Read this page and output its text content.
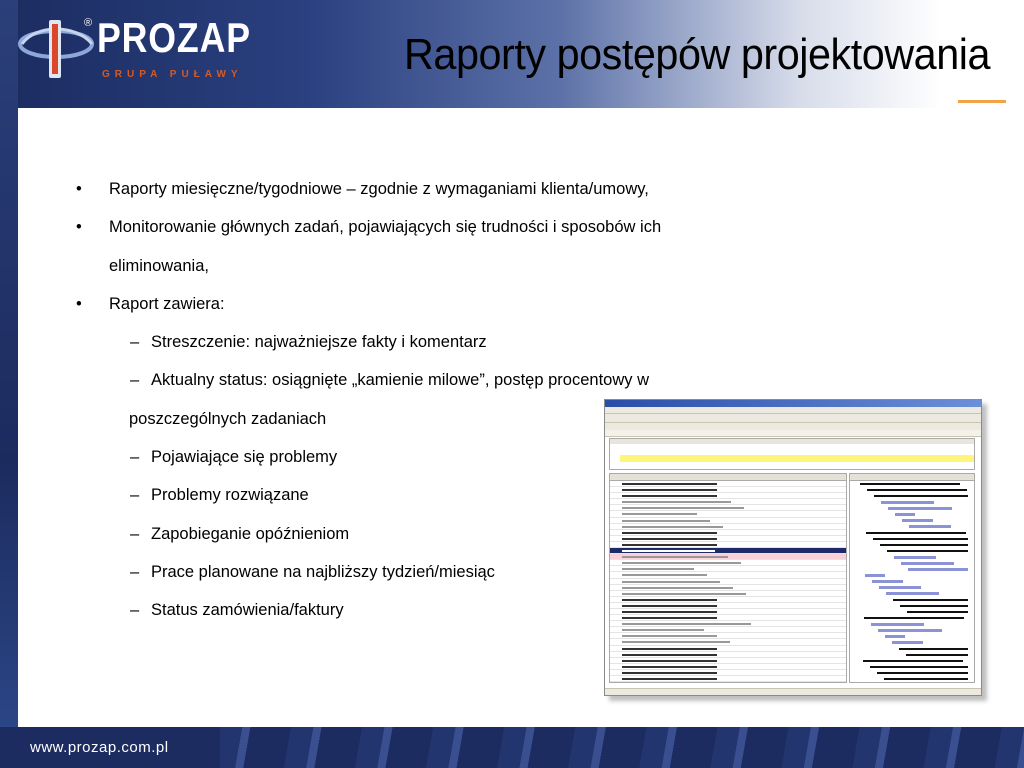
® PROZAP
GRUPA PUŁAWY	Raporty postępów projektowania
• Raporty miesięczne/tygodniowe – zgodnie z wymaganiami klienta/umowy,
• Monitorowanie głównych zadań, pojawiających się trudności i sposobów ich
eliminowania,
• Raport zawiera:
– Streszczenie: najważniejsze fakty i komentarz
– Aktualny status: osiągnięte „kamienie milowe”, postęp procentowy w
poszczególnych zadaniach
– Pojawiające się problemy
– Problemy rozwiązane
– Zapobieganie opóźnieniom
– Prace planowane na najbliższy tydzień/miesiąc
– Status zamówienia/faktury
www.prozap.com.pl
